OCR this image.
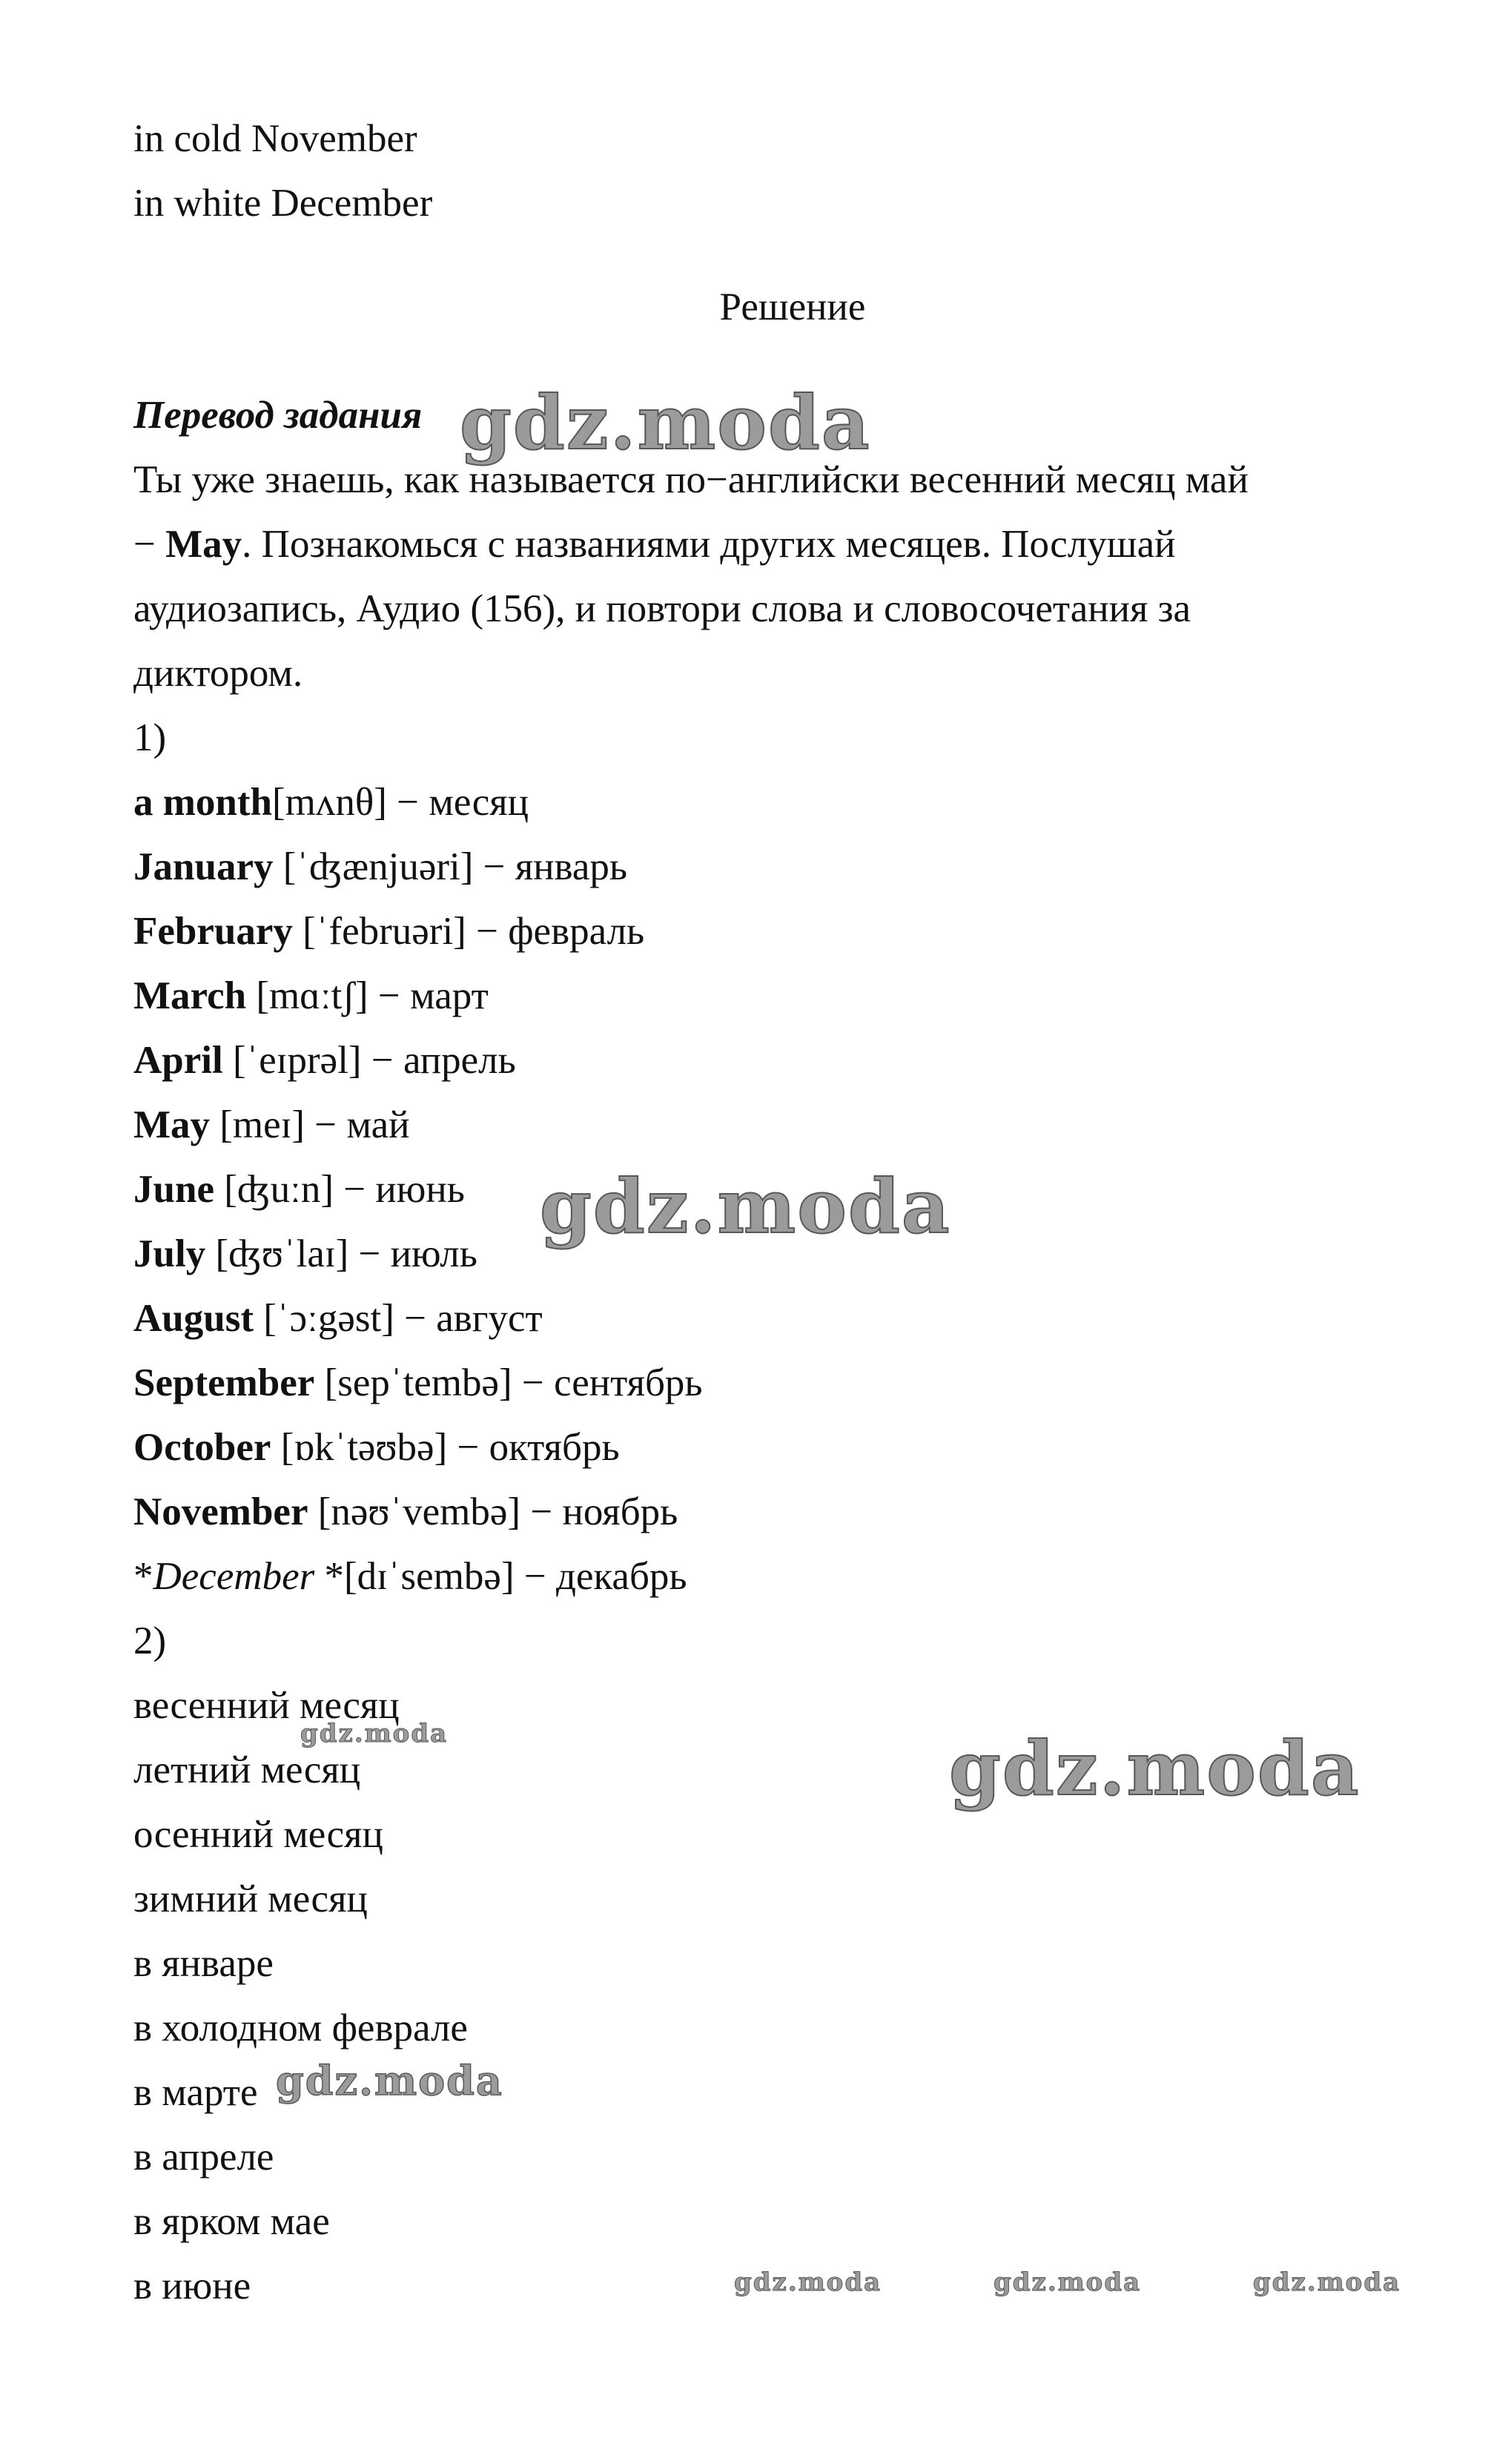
in cold November
in white December
Решение
Перевод задания
Ты уже знаешь, как называется по−английски весенний месяц май
− May. Познакомься с названиями других месяцев. Послушай
аудиозапись, Аудио (156), и повтори слова и словосочетания за
диктором.
1)
a month[mʌnθ] − месяц
January [ˈʤænjuəri] − январь
February [ˈfebruəri] − февраль
March [mɑːtʃ] − март
April [ˈeɪprəl] − апрель
May [meɪ] − май
June [ʤuːn] − июнь
July [ʤʊˈlaɪ] − июль
August [ˈɔːgəst] − август
September [sepˈtembə] − сентябрь
October [ɒkˈtəʊbə] − октябрь
November [nəʊˈvembə] − ноябрь
*December *[dɪˈsembə] − декабрь
2)
весенний месяц
летний месяц
осенний месяц
зимний месяц
в январе
в холодном феврале
в марте
в апреле
в ярком мае
в июне
gdz.moda
gdz.moda
gdz.moda
gdz.moda
gdz.moda
gdz.moda	gdz.moda	gdz.moda
